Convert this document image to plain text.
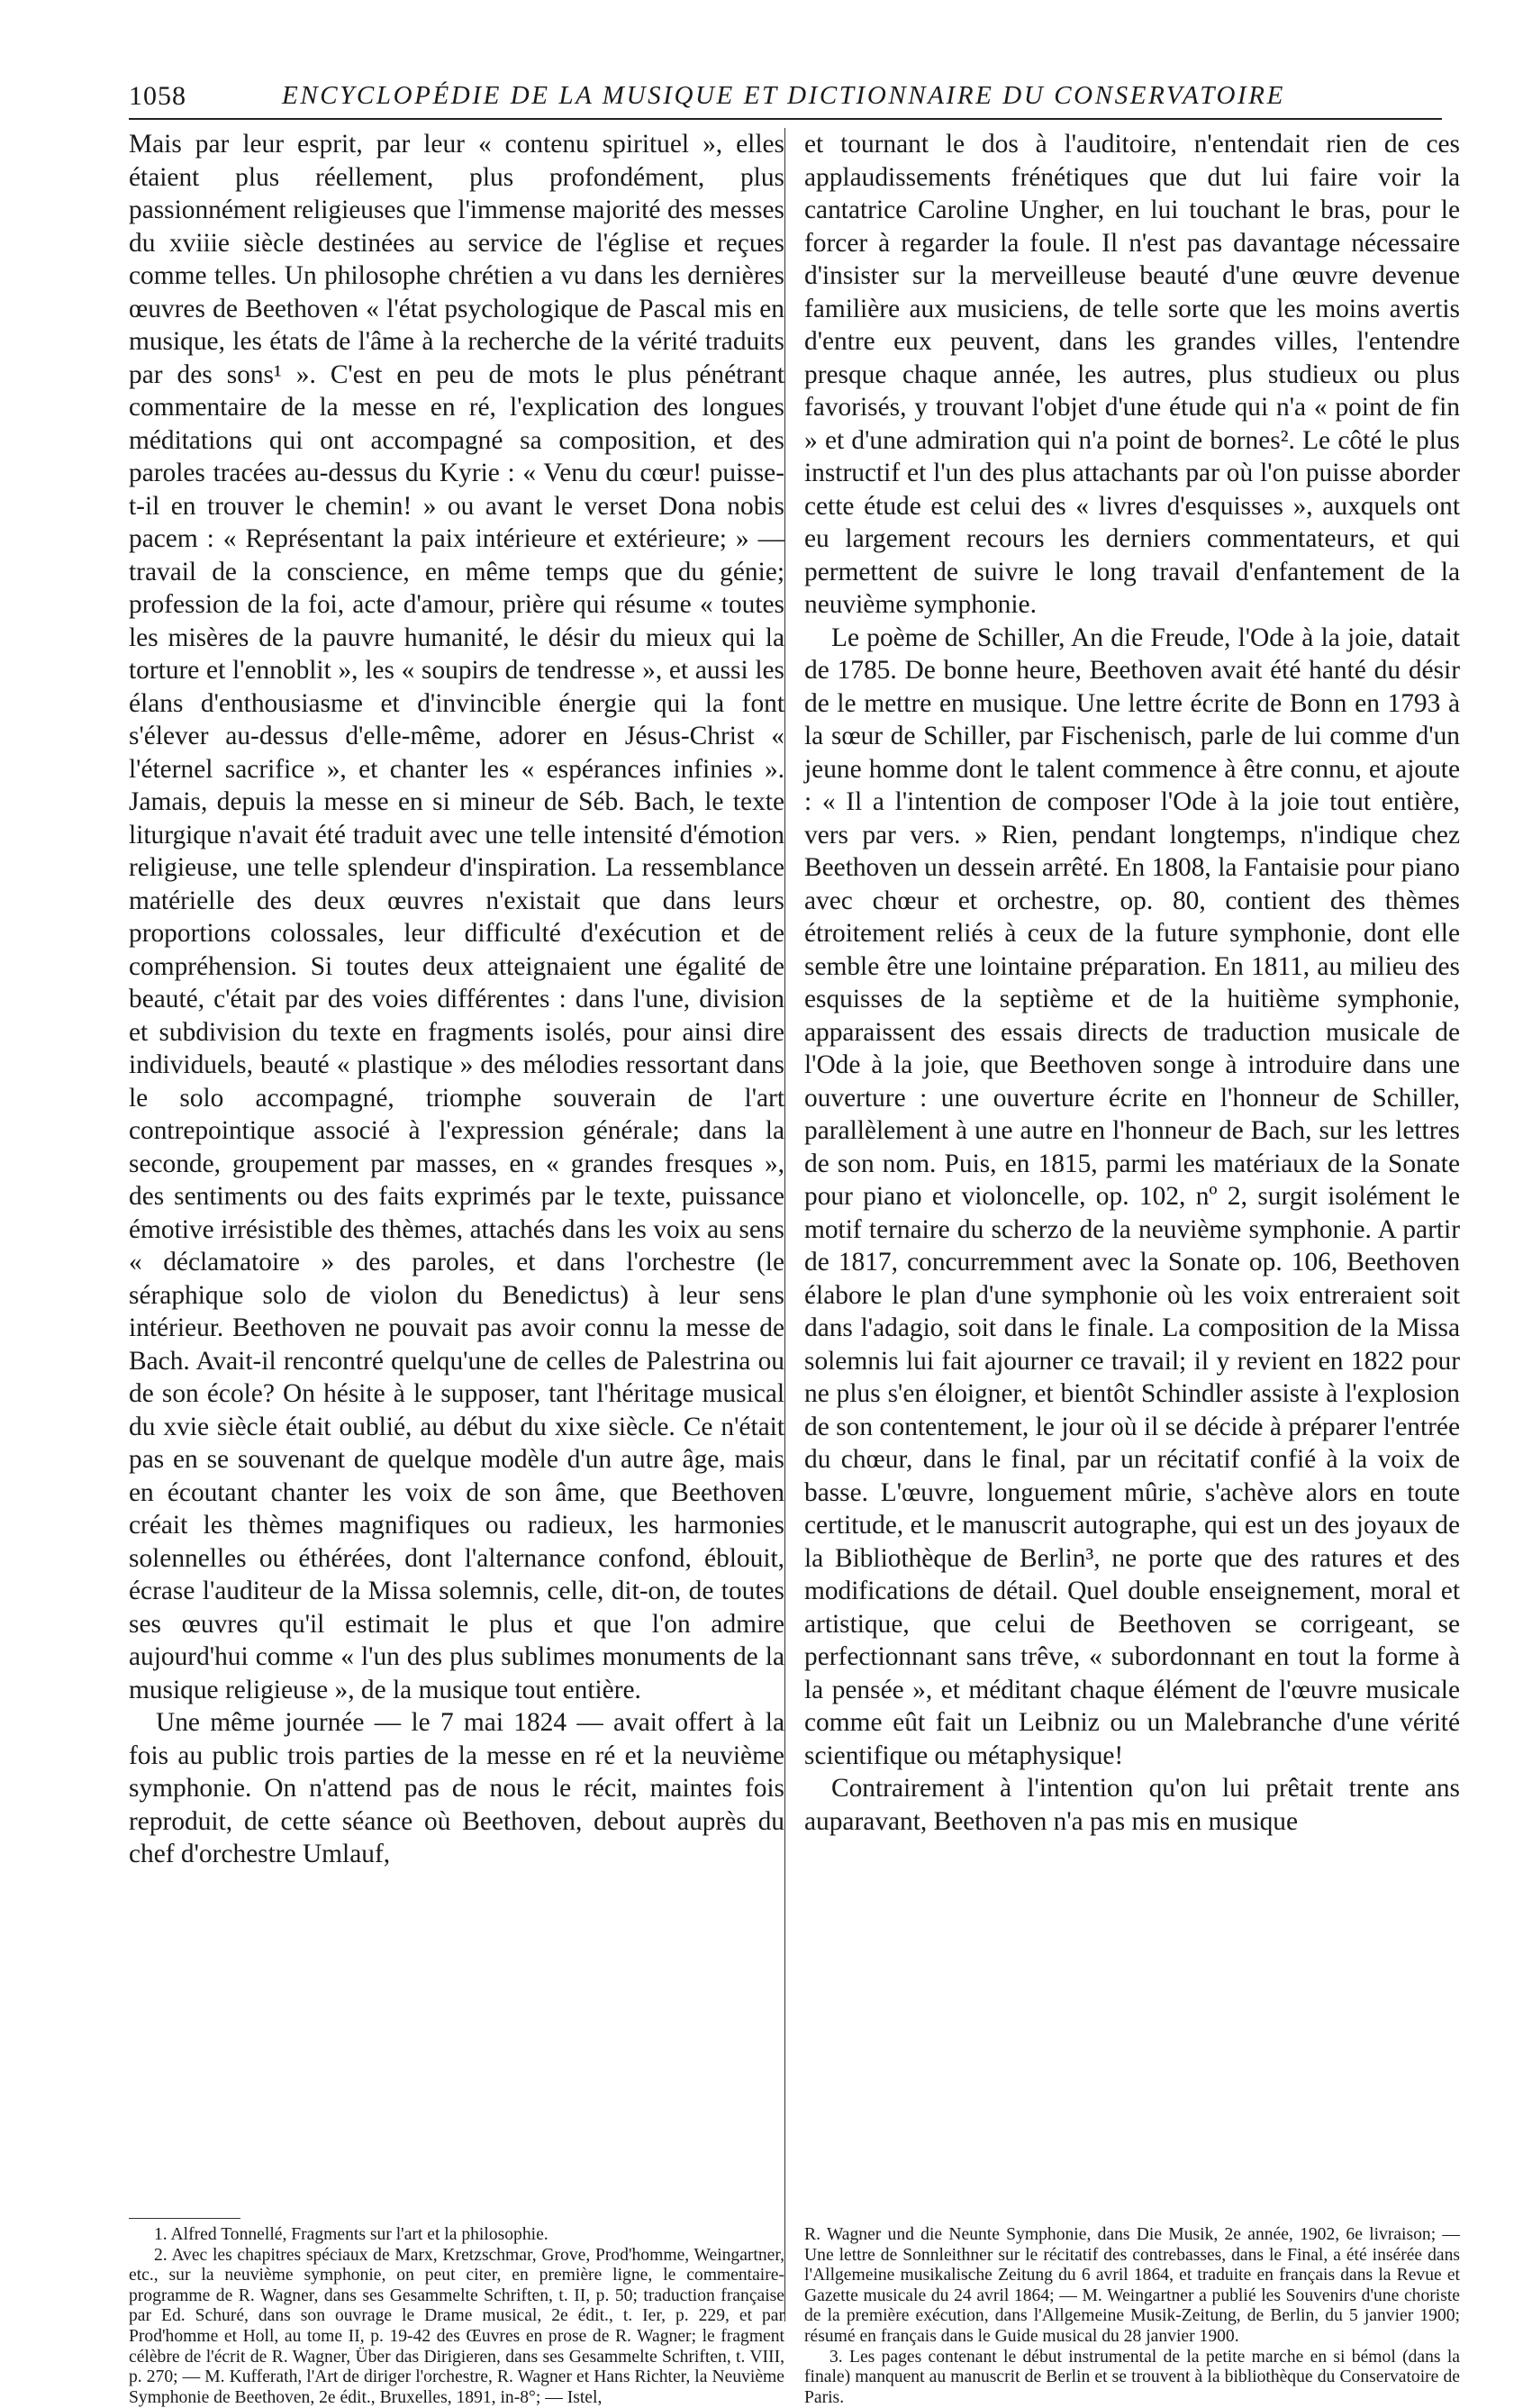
1058	ENCYCLOPÉDIE DE LA MUSIQUE ET DICTIONNAIRE DU CONSERVATOIRE

Mais par leur esprit, par leur « contenu spirituel », elles étaient plus réellement, plus profondément, plus passionnément religieuses que l'immense majorité des messes du xviiie siècle destinées au service de l'église et reçues comme telles. Un philosophe chrétien a vu dans les dernières œuvres de Beethoven « l'état psychologique de Pascal mis en musique, les états de l'âme à la recherche de la vérité traduits par des sons¹ ». C'est en peu de mots le plus pénétrant commentaire de la messe en ré, l'explication des longues méditations qui ont accompagné sa composition, et des paroles tracées au-dessus du Kyrie : « Venu du cœur! puisse-t-il en trouver le chemin! » ou avant le verset Dona nobis pacem : « Représentant la paix intérieure et extérieure; » — travail de la conscience, en même temps que du génie; profession de la foi, acte d'amour, prière qui résume « toutes les misères de la pauvre humanité, le désir du mieux qui la torture et l'ennoblit », les « soupirs de tendresse », et aussi les élans d'enthousiasme et d'invincible énergie qui la font s'élever au-dessus d'elle-même, adorer en Jésus-Christ « l'éternel sacrifice », et chanter les « espérances infinies ». Jamais, depuis la messe en si mineur de Séb. Bach, le texte liturgique n'avait été traduit avec une telle intensité d'émotion religieuse, une telle splendeur d'inspiration. La ressemblance matérielle des deux œuvres n'existait que dans leurs proportions colossales, leur difficulté d'exécution et de compréhension. Si toutes deux atteignaient une égalité de beauté, c'était par des voies différentes : dans l'une, division et subdivision du texte en fragments isolés, pour ainsi dire individuels, beauté « plastique » des mélodies ressortant dans le solo accompagné, triomphe souverain de l'art contrepointique associé à l'expression générale; dans la seconde, groupement par masses, en « grandes fresques », des sentiments ou des faits exprimés par le texte, puissance émotive irrésistible des thèmes, attachés dans les voix au sens « déclamatoire » des paroles, et dans l'orchestre (le séraphique solo de violon du Benedictus) à leur sens intérieur. Beethoven ne pouvait pas avoir connu la messe de Bach. Avait-il rencontré quelqu'une de celles de Palestrina ou de son école? On hésite à le supposer, tant l'héritage musical du xvie siècle était oublié, au début du xixe siècle. Ce n'était pas en se souvenant de quelque modèle d'un autre âge, mais en écoutant chanter les voix de son âme, que Beethoven créait les thèmes magnifiques ou radieux, les harmonies solennelles ou éthérées, dont l'alternance confond, éblouit, écrase l'auditeur de la Missa solemnis, celle, dit-on, de toutes ses œuvres qu'il estimait le plus et que l'on admire aujourd'hui comme « l'un des plus sublimes monuments de la musique religieuse », de la musique tout entière.

Une même journée — le 7 mai 1824 — avait offert à la fois au public trois parties de la messe en ré et la neuvième symphonie. On n'attend pas de nous le récit, maintes fois reproduit, de cette séance où Beethoven, debout auprès du chef d'orchestre Umlauf,

et tournant le dos à l'auditoire, n'entendait rien de ces applaudissements frénétiques que dut lui faire voir la cantatrice Caroline Ungher, en lui touchant le bras, pour le forcer à regarder la foule. Il n'est pas davantage nécessaire d'insister sur la merveilleuse beauté d'une œuvre devenue familière aux musiciens, de telle sorte que les moins avertis d'entre eux peuvent, dans les grandes villes, l'entendre presque chaque année, les autres, plus studieux ou plus favorisés, y trouvant l'objet d'une étude qui n'a « point de fin » et d'une admiration qui n'a point de bornes². Le côté le plus instructif et l'un des plus attachants par où l'on puisse aborder cette étude est celui des « livres d'esquisses », auxquels ont eu largement recours les derniers commentateurs, et qui permettent de suivre le long travail d'enfantement de la neuvième symphonie.

Le poème de Schiller, An die Freude, l'Ode à la joie, datait de 1785. De bonne heure, Beethoven avait été hanté du désir de le mettre en musique. Une lettre écrite de Bonn en 1793 à la sœur de Schiller, par Fischenisch, parle de lui comme d'un jeune homme dont le talent commence à être connu, et ajoute : « Il a l'intention de composer l'Ode à la joie tout entière, vers par vers. » Rien, pendant longtemps, n'indique chez Beethoven un dessein arrêté. En 1808, la Fantaisie pour piano avec chœur et orchestre, op. 80, contient des thèmes étroitement reliés à ceux de la future symphonie, dont elle semble être une lointaine préparation. En 1811, au milieu des esquisses de la septième et de la huitième symphonie, apparaissent des essais directs de traduction musicale de l'Ode à la joie, que Beethoven songe à introduire dans une ouverture : une ouverture écrite en l'honneur de Schiller, parallèlement à une autre en l'honneur de Bach, sur les lettres de son nom. Puis, en 1815, parmi les matériaux de la Sonate pour piano et violoncelle, op. 102, nº 2, surgit isolément le motif ternaire du scherzo de la neuvième symphonie. A partir de 1817, concurremment avec la Sonate op. 106, Beethoven élabore le plan d'une symphonie où les voix entreraient soit dans l'adagio, soit dans le finale. La composition de la Missa solemnis lui fait ajourner ce travail; il y revient en 1822 pour ne plus s'en éloigner, et bientôt Schindler assiste à l'explosion de son contentement, le jour où il se décide à préparer l'entrée du chœur, dans le final, par un récitatif confié à la voix de basse. L'œuvre, longuement mûrie, s'achève alors en toute certitude, et le manuscrit autographe, qui est un des joyaux de la Bibliothèque de Berlin³, ne porte que des ratures et des modifications de détail. Quel double enseignement, moral et artistique, que celui de Beethoven se corrigeant, se perfectionnant sans trêve, « subordonnant en tout la forme à la pensée », et méditant chaque élément de l'œuvre musicale comme eût fait un Leibniz ou un Malebranche d'une vérité scientifique ou métaphysique!

Contrairement à l'intention qu'on lui prêtait trente ans auparavant, Beethoven n'a pas mis en musique

1. Alfred Tonnellé, Fragments sur l'art et la philosophie.

2. Avec les chapitres spéciaux de Marx, Kretzschmar, Grove, Prod'homme, Weingartner, etc., sur la neuvième symphonie, on peut citer, en première ligne, le commentaire-programme de R. Wagner, dans ses Gesammelte Schriften, t. II, p. 50; traduction française par Ed. Schuré, dans son ouvrage le Drame musical, 2e édit., t. Ier, p. 229, et par Prod'homme et Holl, au tome II, p. 19-42 des Œuvres en prose de R. Wagner; le fragment célèbre de l'écrit de R. Wagner, Über das Dirigieren, dans ses Gesammelte Schriften, t. VIII, p. 270; — M. Kufferath, l'Art de diriger l'orchestre, R. Wagner et Hans Richter, la Neuvième Symphonie de Beethoven, 2e édit., Bruxelles, 1891, in-8°; — Istel,

R. Wagner und die Neunte Symphonie, dans Die Musik, 2e année, 1902, 6e livraison; — Une lettre de Sonnleithner sur le récitatif des contrebasses, dans le Final, a été insérée dans l'Allgemeine musikalische Zeitung du 6 avril 1864, et traduite en français dans la Revue et Gazette musicale du 24 avril 1864; — M. Weingartner a publié les Souvenirs d'une choriste de la première exécution, dans l'Allgemeine Musik-Zeitung, de Berlin, du 5 janvier 1900; résumé en français dans le Guide musical du 28 janvier 1900.

3. Les pages contenant le début instrumental de la petite marche en si bémol (dans la finale) manquent au manuscrit de Berlin et se trouvent à la bibliothèque du Conservatoire de Paris.
